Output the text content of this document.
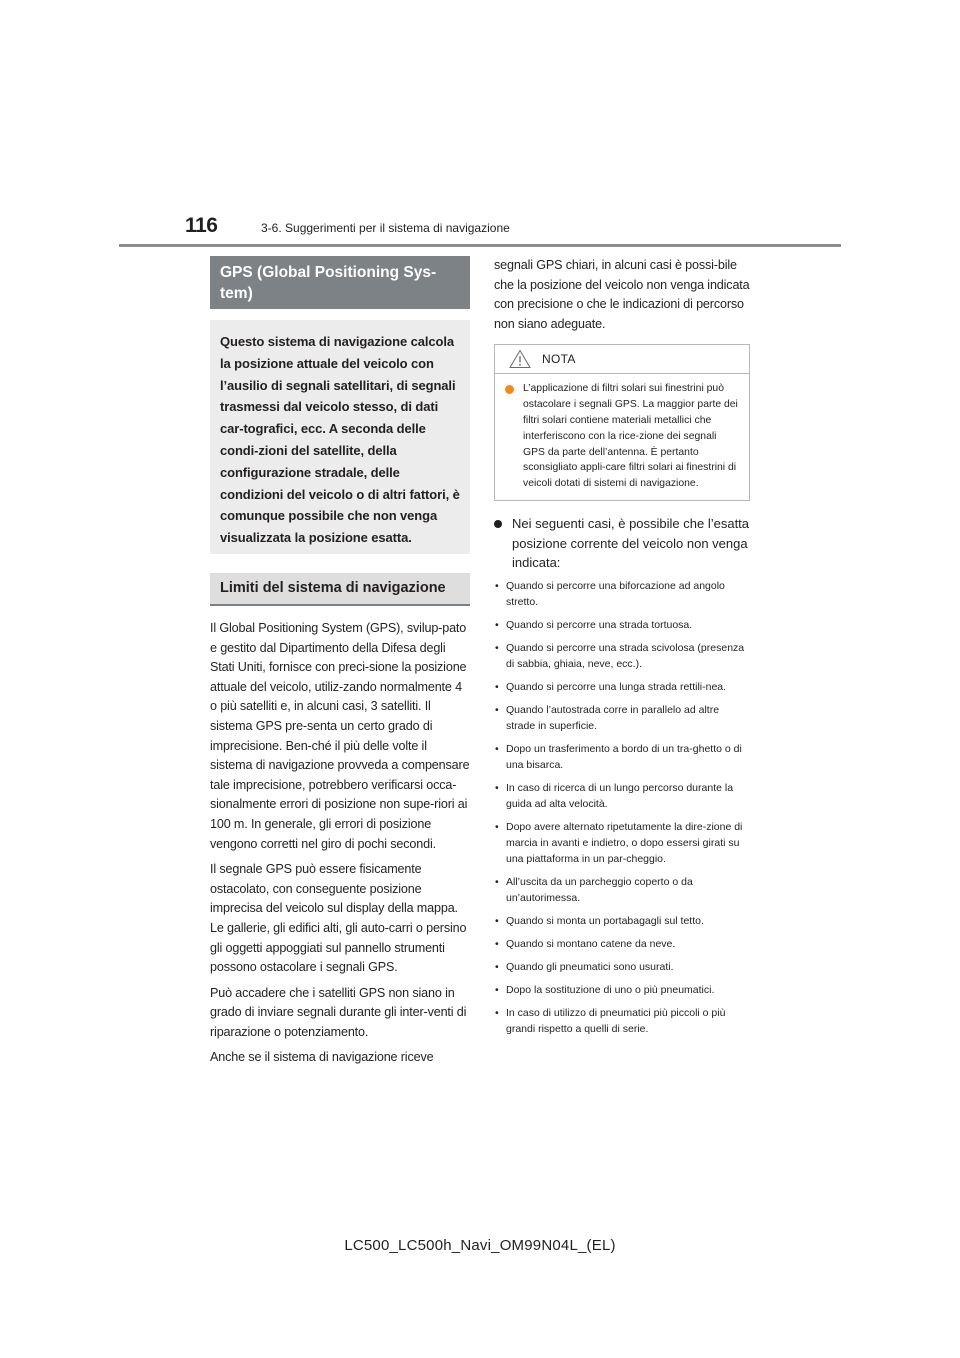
116	3-6. Suggerimenti per il sistema di navigazione
GPS (Global Positioning Sys-tem)
Questo sistema di navigazione calcola la posizione attuale del veicolo con l’ausilio di segnali satellitari, di segnali trasmessi dal veicolo stesso, di dati car-tografici, ecc. A seconda delle condi-zioni del satellite, della configurazione stradale, delle condizioni del veicolo o di altri fattori, è comunque possibile che non venga visualizzata la posizione esatta.
Limiti del sistema di navigazione

Il Global Positioning System (GPS), svilup-pato e gestito dal Dipartimento della Difesa degli Stati Uniti, fornisce con preci-sione la posizione attuale del veicolo, utiliz-zando normalmente 4 o più satelliti e, in alcuni casi, 3 satelliti. Il sistema GPS pre-senta un certo grado di imprecisione. Ben-ché il più delle volte il sistema di navigazione provveda a compensare tale imprecisione, potrebbero verificarsi occa-sionalmente errori di posizione non supe-riori ai 100 m. In generale, gli errori di posizione vengono corretti nel giro di pochi secondi.

Il segnale GPS può essere fisicamente ostacolato, con conseguente posizione imprecisa del veicolo sul display della mappa. Le gallerie, gli edifici alti, gli auto-carri o persino gli oggetti appoggiati sul pannello strumenti possono ostacolare i segnali GPS.

Può accadere che i satelliti GPS non siano in grado di inviare segnali durante gli inter-venti di riparazione o potenziamento.

Anche se il sistema di navigazione riceve

segnali GPS chiari, in alcuni casi è possi-bile che la posizione del veicolo non venga indicata con precisione o che le indicazioni di percorso non siano adeguate.

NOTA
L’applicazione di filtri solari sui finestrini può ostacolare i segnali GPS. La maggior parte dei filtri solari contiene materiali metallici che interferiscono con la rice-zione dei segnali GPS da parte dell’antenna. È pertanto sconsigliato appli-care filtri solari ai finestrini di veicoli dotati di sistemi di navigazione.
Nei seguenti casi, è possibile che l’esatta posizione corrente del veicolo non venga indicata:
• Quando si percorre una biforcazione ad angolo stretto.
• Quando si percorre una strada tortuosa.
• Quando si percorre una strada scivolosa (presenza di sabbia, ghiaia, neve, ecc.).
• Quando si percorre una lunga strada rettili-nea.
• Quando l’autostrada corre in parallelo ad altre strade in superficie.
• Dopo un trasferimento a bordo di un tra-ghetto o di una bisarca.
• In caso di ricerca di un lungo percorso durante la guida ad alta velocità.
• Dopo avere alternato ripetutamente la dire-zione di marcia in avanti e indietro, o dopo essersi girati su una piattaforma in un par-cheggio.
• All’uscita da un parcheggio coperto o da un’autorimessa.
• Quando si monta un portabagagli sul tetto.
• Quando si montano catene da neve.
• Quando gli pneumatici sono usurati.
• Dopo la sostituzione di uno o più pneumatici.
• In caso di utilizzo di pneumatici più piccoli o più grandi rispetto a quelli di serie.
LC500_LC500h_Navi_OM99N04L_(EL)
